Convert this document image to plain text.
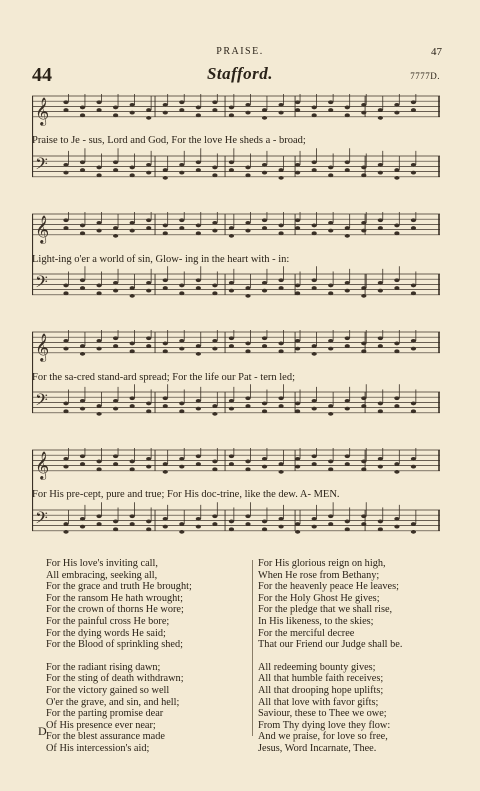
PRAISE.	47
44	Stafford.	7777D.
𝄞
𝄢
Praise to Je - sus, Lord and God, For the love He sheds a - broad;
𝄞
𝄢
Light-ing o'er a world of sin, Glow- ing in the heart with - in:
𝄞
𝄢
For the sa-cred stand-ard spread; For the life our Pat - tern led;
𝄞
𝄢
For His pre-cept, pure and true; For His doc-trine, like the dew. A- MEN.
For His love's inviting call,
All embracing, seeking all,
For the grace and truth He brought;
For the ransom He hath wrought;
For the crown of thorns He wore;
For the painful cross He bore;
For the dying words He said;
For the Blood of sprinkling shed;
For the radiant rising dawn;
For the sting of death withdrawn;
For the victory gained so well
O'er the grave, and sin, and hell;
For the parting promise dear
Of His presence ever near;
For the blest assurance made
Of His intercession's aid;
For His glorious reign on high,
When He rose from Bethany;
For the heavenly peace He leaves;
For the Holy Ghost He gives;
For the pledge that we shall rise,
In His likeness, to the skies;
For the merciful decree
That our Friend our Judge shall be.
All redeeming bounty gives;
All that humble faith receives;
All that drooping hope uplifts;
All that love with favor gifts;
Saviour, these to Thee we owe;
From Thy dying love they flow:
And we praise, for love so free,
Jesus, Word Incarnate, Thee.
D
